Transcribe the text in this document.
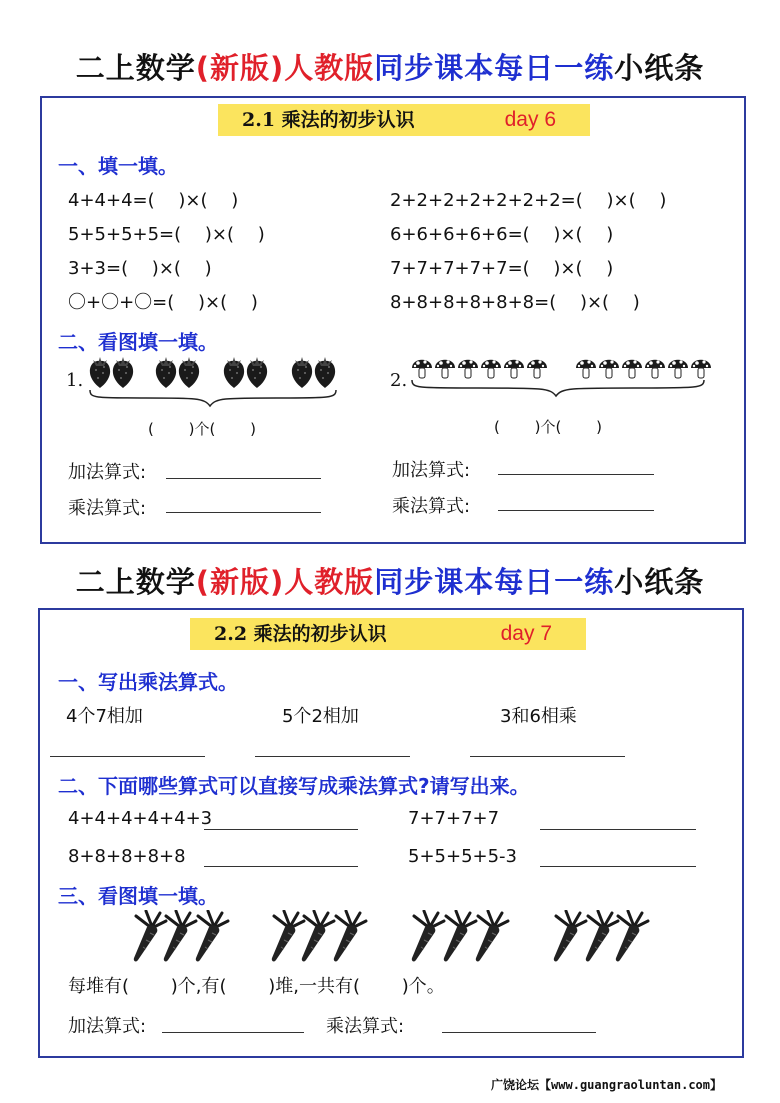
二上数学(新版)人教版同步课本每日一练小纸条
2.1 乘法的初步认识	day 6
一、填一填。
4+4+4=(　 )×(　 )
5+5+5+5=(　 )×(　 )
3+3=(　 )×(　 )
〇+〇+〇=(　 )×(　 )
2+2+2+2+2+2+2=(　 )×(　 )
6+6+6+6+6=(　 )×(　 )
7+7+7+7+7=(　 )×(　 )
8+8+8+8+8+8=(　 )×(　 )
二、看图填一填。
1.
(　　 )个(　　 )
2.
(　　 )个(　　 )
加法算式:
乘法算式:
加法算式:
乘法算式:
二上数学(新版)人教版同步课本每日一练小纸条
2.2 乘法的初步认识	day 7
一、写出乘法算式。
4个7相加	5个2相加	3和6相乘
二、下面哪些算式可以直接写成乘法算式?请写出来。
4+4+4+4+4+3	7+7+7+7
8+8+8+8+8	5+5+5+5-3
三、看图填一填。
每堆有(　　 )个,有(　　 )堆,一共有(　　 )个。
加法算式:	乘法算式:
广饶论坛【www.guangraoluntan.com】
